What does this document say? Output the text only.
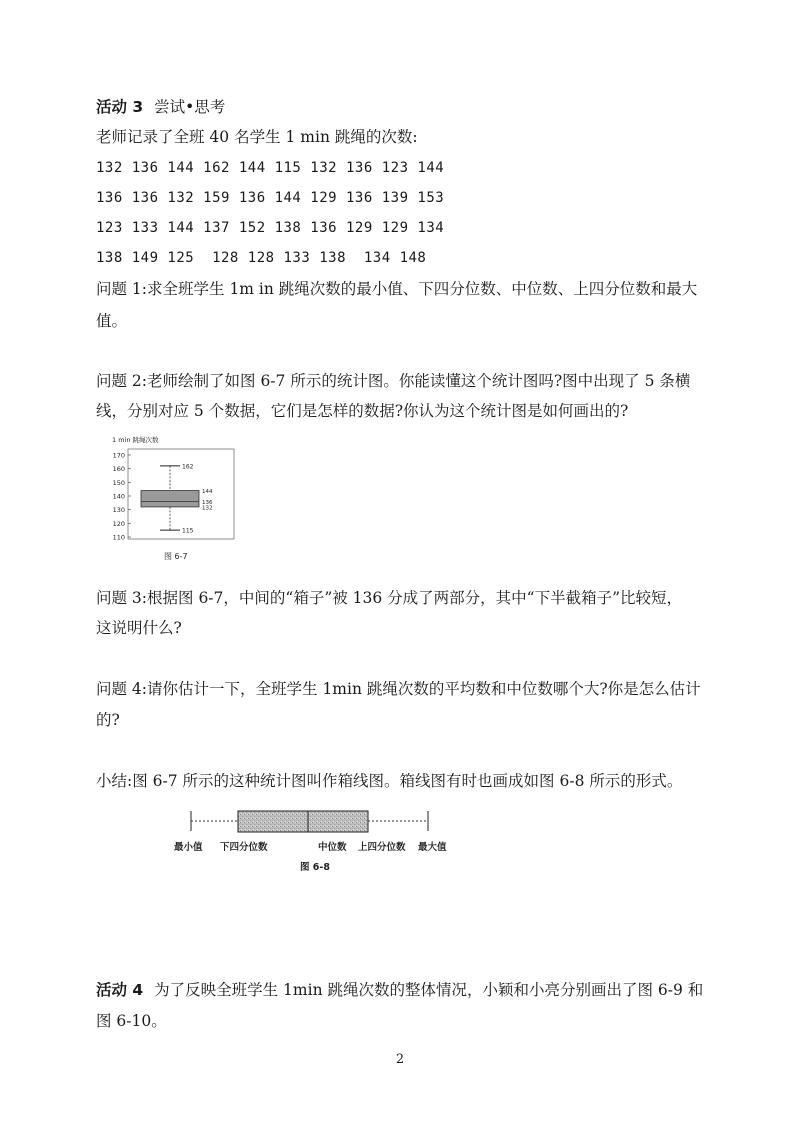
活动 3 尝试•思考
老师记录了全班 40 名学生 1 min 跳绳的次数:
132 136 144 162 144 115 132 136 123 144
136 136 132 159 136 144 129 136 139 153
123 133 144 137 152 138 136 129 129 134
138 149 125  128 128 133 138  134 148
问题 1:求全班学生 1m in 跳绳次数的最小值、下四分位数、中位数、上四分位数和最大
值。
问题 2:老师绘制了如图 6-7 所示的统计图。你能读懂这个统计图吗?图中出现了 5 条横
线，分别对应 5 个数据，它们是怎样的数据?你认为这个统计图是如何画出的?
1 min 跳绳次数
170
160
150
140
130
120
110
162
115
144
136
132
图 6-7
问题 3:根据图 6-7，中间的“箱子”被 136 分成了两部分，其中“下半截箱子”比较短，
这说明什么?
问题 4:请你估计一下，全班学生 1min 跳绳次数的平均数和中位数哪个大?你是怎么估计
的?
小结:图 6-7 所示的这种统计图叫作箱线图。箱线图有时也画成如图 6-8 所示的形式。
最小值 下四分位数	中位数 上四分位数 最大值
图 6-8
活动 4 为了反映全班学生 1min 跳绳次数的整体情况，小颖和小亮分别画出了图 6-9 和
图 6-10。
2
